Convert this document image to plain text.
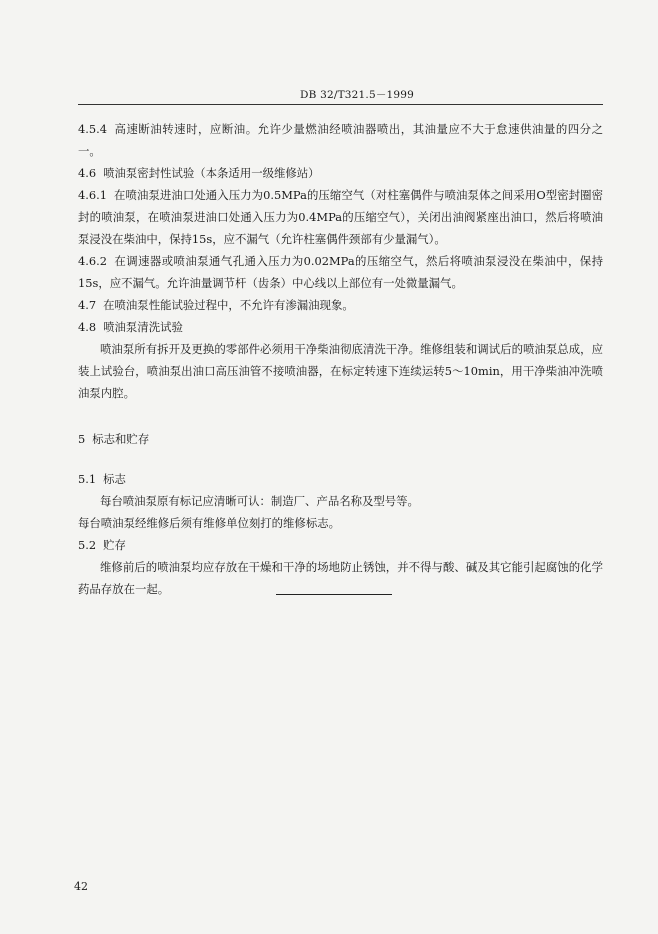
DB 32/T321.5－1999

4.5.4 高速断油转速时，应断油。允许少量燃油经喷油器喷出，其油量应不大于怠速供油量的四分之一。

4.6 喷油泵密封性试验（本条适用一级维修站）

4.6.1 在喷油泵进油口处通入压力为0.5MPa的压缩空气（对柱塞偶件与喷油泵体之间采用O型密封圈密封的喷油泵，在喷油泵进油口处通入压力为0.4MPa的压缩空气），关闭出油阀紧座出油口，然后将喷油泵浸没在柴油中，保持15s，应不漏气（允许柱塞偶件颈部有少量漏气）。

4.6.2 在调速器或喷油泵通气孔通入压力为0.02MPa的压缩空气，然后将喷油泵浸没在柴油中，保持15s，应不漏气。允许油量调节杆（齿条）中心线以上部位有一处微量漏气。

4.7 在喷油泵性能试验过程中，不允许有渗漏油现象。

4.8 喷油泵清洗试验

喷油泵所有拆开及更换的零部件必须用干净柴油彻底清洗干净。维修组装和调试后的喷油泵总成，应装上试验台，喷油泵出油口高压油管不接喷油器，在标定转速下连续运转5～10min，用干净柴油冲洗喷油泵内腔。

5 标志和贮存

5.1 标志

每台喷油泵原有标记应清晰可认：制造厂、产品名称及型号等。

每台喷油泵经维修后须有维修单位刻打的维修标志。

5.2 贮存

维修前后的喷油泵均应存放在干燥和干净的场地防止锈蚀，并不得与酸、碱及其它能引起腐蚀的化学药品存放在一起。

42
